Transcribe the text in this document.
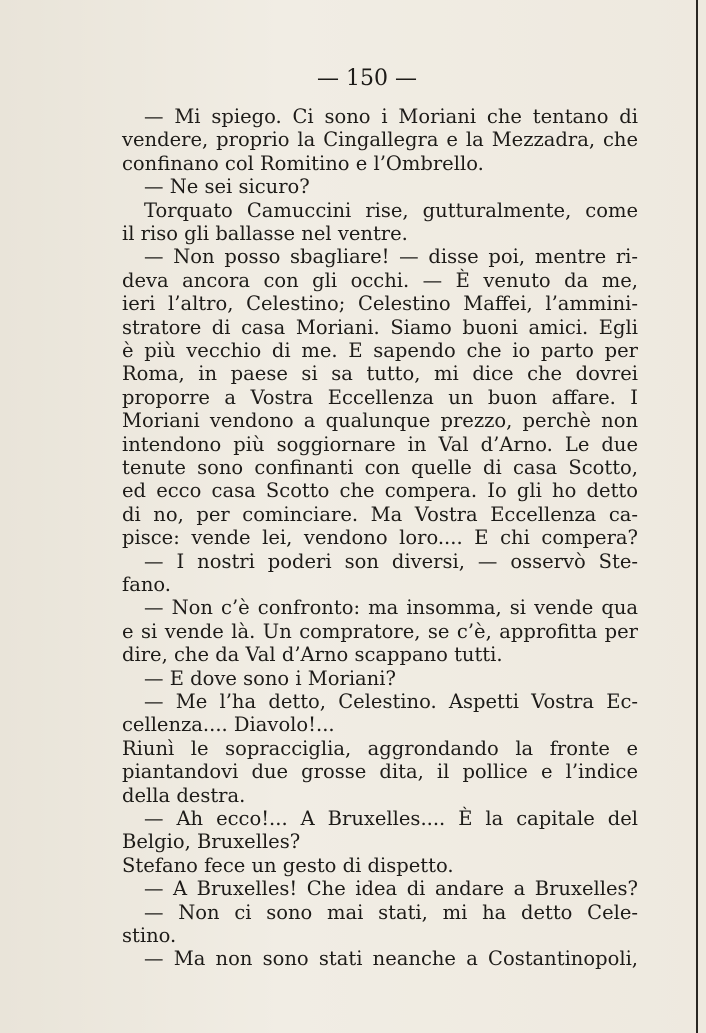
— 150 —
— Mi spiego. Ci sono i Moriani che tentano di
vendere, proprio la Cingallegra e la Mezzadra, che
confinano col Romitino e l’Ombrello.
— Ne sei sicuro?
Torquato Camuccini rise, gutturalmente, come
il riso gli ballasse nel ventre.
— Non posso sbagliare! — disse poi, mentre ri-
deva ancora con gli occhi. — È venuto da me,
ieri l’altro, Celestino; Celestino Maffei, l’ammini-
stratore di casa Moriani. Siamo buoni amici. Egli
è più vecchio di me. E sapendo che io parto per
Roma, in paese si sa tutto, mi dice che dovrei
proporre a Vostra Eccellenza un buon affare. I
Moriani vendono a qualunque prezzo, perchè non
intendono più soggiornare in Val d’Arno. Le due
tenute sono confinanti con quelle di casa Scotto,
ed ecco casa Scotto che compera. Io gli ho detto
di no, per cominciare. Ma Vostra Eccellenza ca-
pisce: vende lei, vendono loro.... E chi compera?
— I nostri poderi son diversi, — osservò Ste-
fano.
— Non c’è confronto: ma insomma, si vende qua
e si vende là. Un compratore, se c’è, approfitta per
dire, che da Val d’Arno scappano tutti.
— E dove sono i Moriani?
— Me l’ha detto, Celestino. Aspetti Vostra Ec-
cellenza.... Diavolo!...
Riunì le sopracciglia, aggrondando la fronte e
piantandovi due grosse dita, il pollice e l’indice
della destra.
— Ah ecco!... A Bruxelles.... È la capitale del
Belgio, Bruxelles?
Stefano fece un gesto di dispetto.
— A Bruxelles! Che idea di andare a Bruxelles?
— Non ci sono mai stati, mi ha detto Cele-
stino.
— Ma non sono stati neanche a Costantinopoli,
